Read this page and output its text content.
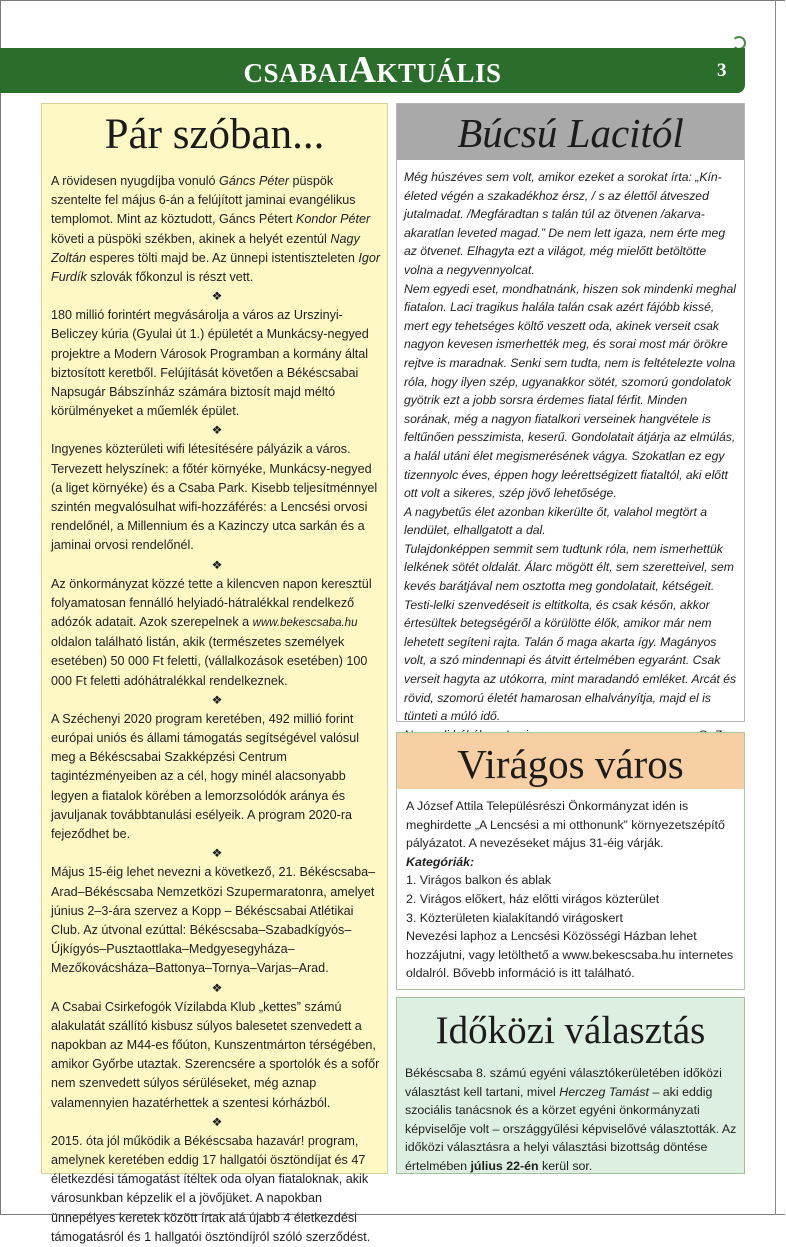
CSABAIAKTUÁLIS	3
Pár szóban...

A rövidesen nyugdíjba vonuló Gáncs Péter püspök szentelte fel május 6-án a felújított jaminai evangélikus templomot. Mint az köztudott, Gáncs Pétert Kondor Péter követi a püspöki székben, akinek a helyét ezentúl Nagy Zoltán esperes tölti majd be. Az ünnepi istentiszteleten Igor Furdík szlovák főkonzul is részt vett.

❖

180 millió forintért megvásárolja a város az Urszinyi-Beliczey kúria (Gyulai út 1.) épületét a Munkácsy-negyed projektre a Modern Városok Programban a kormány által biztosított keretből. Felújítását követően a Békéscsabai Napsugár Bábszínház számára biztosít majd méltó körülményeket a műemlék épület.

❖

Ingyenes közterületi wifi létesítésére pályázik a város. Tervezett helyszínek: a főtér környéke, Munkácsy-negyed (a liget környéke) és a Csaba Park. Kisebb teljesítménnyel szintén megvalósulhat wifi-hozzáférés: a Lencsési orvosi rendelőnél, a Millennium és a Kazinczy utca sarkán és a jaminai orvosi rendelőnél.

❖

Az önkormányzat közzé tette a kilencven napon keresztül folyamatosan fennálló helyiadó-hátralékkal rendelkező adózók adatait. Azok szerepelnek a www.bekescsaba.hu oldalon található listán, akik (természetes személyek esetében) 50 000 Ft feletti, (vállalkozások esetében) 100 000 Ft feletti adóhátralékkal rendelkeznek.

❖

A Széchenyi 2020 program keretében, 492 millió forint európai uniós és állami támogatás segítségével valósul meg a Békéscsabai Szakképzési Centrum tagintézményeiben az a cél, hogy minél alacsonyabb legyen a fiatalok körében a lemorzsolódók aránya és javuljanak továbbtanulási esélyeik. A program 2020-ra fejeződhet be.

❖

Május 15-éig lehet nevezni a következő, 21. Békéscsaba–Arad–Békéscsaba Nemzetközi Szupermaratonra, amelyet június 2–3-ára szervez a Kopp – Békéscsabai Atlétikai Club. Az útvonal ezúttal: Békéscsaba–Szabadkígyós–Újkígyós–Pusztaottlaka–Medgyesegyháza–Mezőkovácsháza–Battonya–Tornya–Varjas–Arad.

❖

A Csabai Csirkefogók Vízilabda Klub „kettes” számú alakulatát szállító kisbusz súlyos balesetet szenvedett a napokban az M44-es főúton, Kunszentmárton térségében, amikor Győrbe utaztak. Szerencsére a sportolók és a sofőr nem szenvedett súlyos sérüléseket, még aznap valamennyien hazatérhettek a szentesi kórházból.

❖

2015. óta jól működik a Békéscsaba hazavár! program, amelynek keretében eddig 17 hallgatói ösztöndíjat és 47 életkezdési támogatást ítéltek oda olyan fiataloknak, akik városunkban képzelik el a jövőjüket. A napokban ünnepélyes keretek között írtak alá újabb 4 életkezdési támogatásról és 1 hallgatói ösztöndíjról szóló szerződést.

Búcsú Lacitól

Még húszéves sem volt, amikor ezeket a sorokat írta: „Kín-életed végén a szakadékhoz érsz, / s az élettől átveszed jutalmadat. /Megfáradtan s talán túl az ötvenen /akarva-akaratlan leveted magad.” De nem lett igaza, nem érte meg az ötvenet. Elhagyta ezt a világot, még mielőtt betöltötte volna a negyvennyolcat.

Nem egyedi eset, mondhatnánk, hiszen sok mindenki meghal fiatalon. Laci tragikus halála talán csak azért fájóbb kissé, mert egy tehetséges költő veszett oda, akinek verseit csak nagyon kevesen ismerhették meg, és sorai most már örökre rejtve is maradnak. Senki sem tudta, nem is feltételezte volna róla, hogy ilyen szép, ugyanakkor sötét, szomorú gondolatok gyötrik ezt a jobb sorsra érdemes fiatal férfit. Minden sorának, még a nagyon fiatalkori verseinek hangvétele is feltűnően pesszimista, keserű. Gondolatait átjárja az elmúlás, a halál utáni élet megismerésének vágya. Szokatlan ez egy tizennyolc éves, éppen hogy leérettségizett fiataltól, aki előtt ott volt a sikeres, szép jövő lehetősége.

A nagybetűs élet azonban kikerülte őt, valahol megtört a lendület, elhallgatott a dal.

Tulajdonképpen semmit sem tudtunk róla, nem ismerhettük lelkének sötét oldalát. Álarc mögött élt, sem szeretteivel, sem kevés barátjával nem osztotta meg gondolatait, kétségeit. Testi-lelki szenvedéseit is eltitkolta, és csak későn, akkor értesültek betegségéről a körülötte élők, amikor már nem lehetett segíteni rajta. Talán ő maga akarta így. Magányos volt, a szó mindennapi és átvitt értelmében egyaránt. Csak verseit hagyta az utókorra, mint maradandó emléket. Arcát és rövid, szomorú életét hamarosan elhalványítja, majd el is tünteti a múló idő.

Virágos város

A József Attila Településrészi Önkormányzat idén is meghirdette „A Lencsési a mi otthonunk” környezetszépítő pályázatot. A nevezéseket május 31-éig várják.

Kategóriák:

1. Virágos balkon és ablak

2. Virágos előkert, ház előtti virágos közterület

3. Közterületen kialakítandó virágoskert

Nevezési laphoz a Lencsési Közösségi Házban lehet hozzájutni, vagy letölthető a www.bekescsaba.hu internetes oldalról. Bővebb információ is itt található.

Időközi választás

Békéscsaba 8. számú egyéni választókerületében időközi választást kell tartani, mivel Herczeg Tamást – aki eddig szociális tanácsnok és a körzet egyéni önkormányzati képviselője volt – országgyűlési képviselővé választották. Az időközi választásra a helyi választási bizottság döntése értelmében július 22-én kerül sor.
